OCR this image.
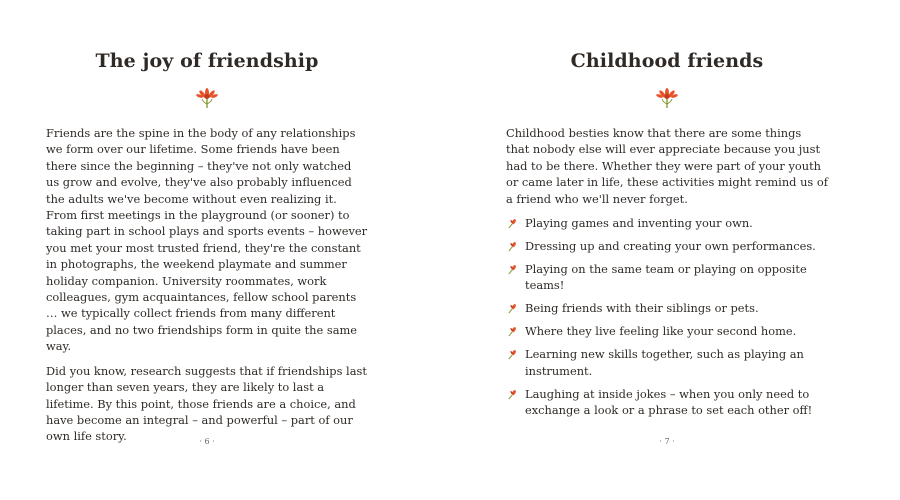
The joy of friendship

Friends are the spine in the body of any relationships we form over our lifetime. Some friends have been there since the beginning – they've not only watched us grow and evolve, they've also probably influenced the adults we've become without even realizing it. From first meetings in the playground (or sooner) to taking part in school plays and sports events – however you met your most trusted friend, they're the constant in photographs, the weekend playmate and summer holiday companion. University roommates, work colleagues, gym acquaintances, fellow school parents … we typically collect friends from many different places, and no two friendships form in quite the same way.

Did you know, research suggests that if friendships last longer than seven years, they are likely to last a lifetime. By this point, those friends are a choice, and have become an integral – and powerful – part of our own life story.	· 6 ·
Childhood friends

Childhood besties know that there are some things that nobody else will ever appreciate because you just had to be there. Whether they were part of your youth or came later in life, these activities might remind us of a friend who we'll never forget.

Playing games and inventing your own.
Dressing up and creating your own performances.
Playing on the same team or playing on opposite teams!
Being friends with their siblings or pets.
Where they live feeling like your second home.
Learning new skills together, such as playing an instrument.
Laughing at inside jokes – when you only need to exchange a look or a phrase to set each other off!
· 7 ·
